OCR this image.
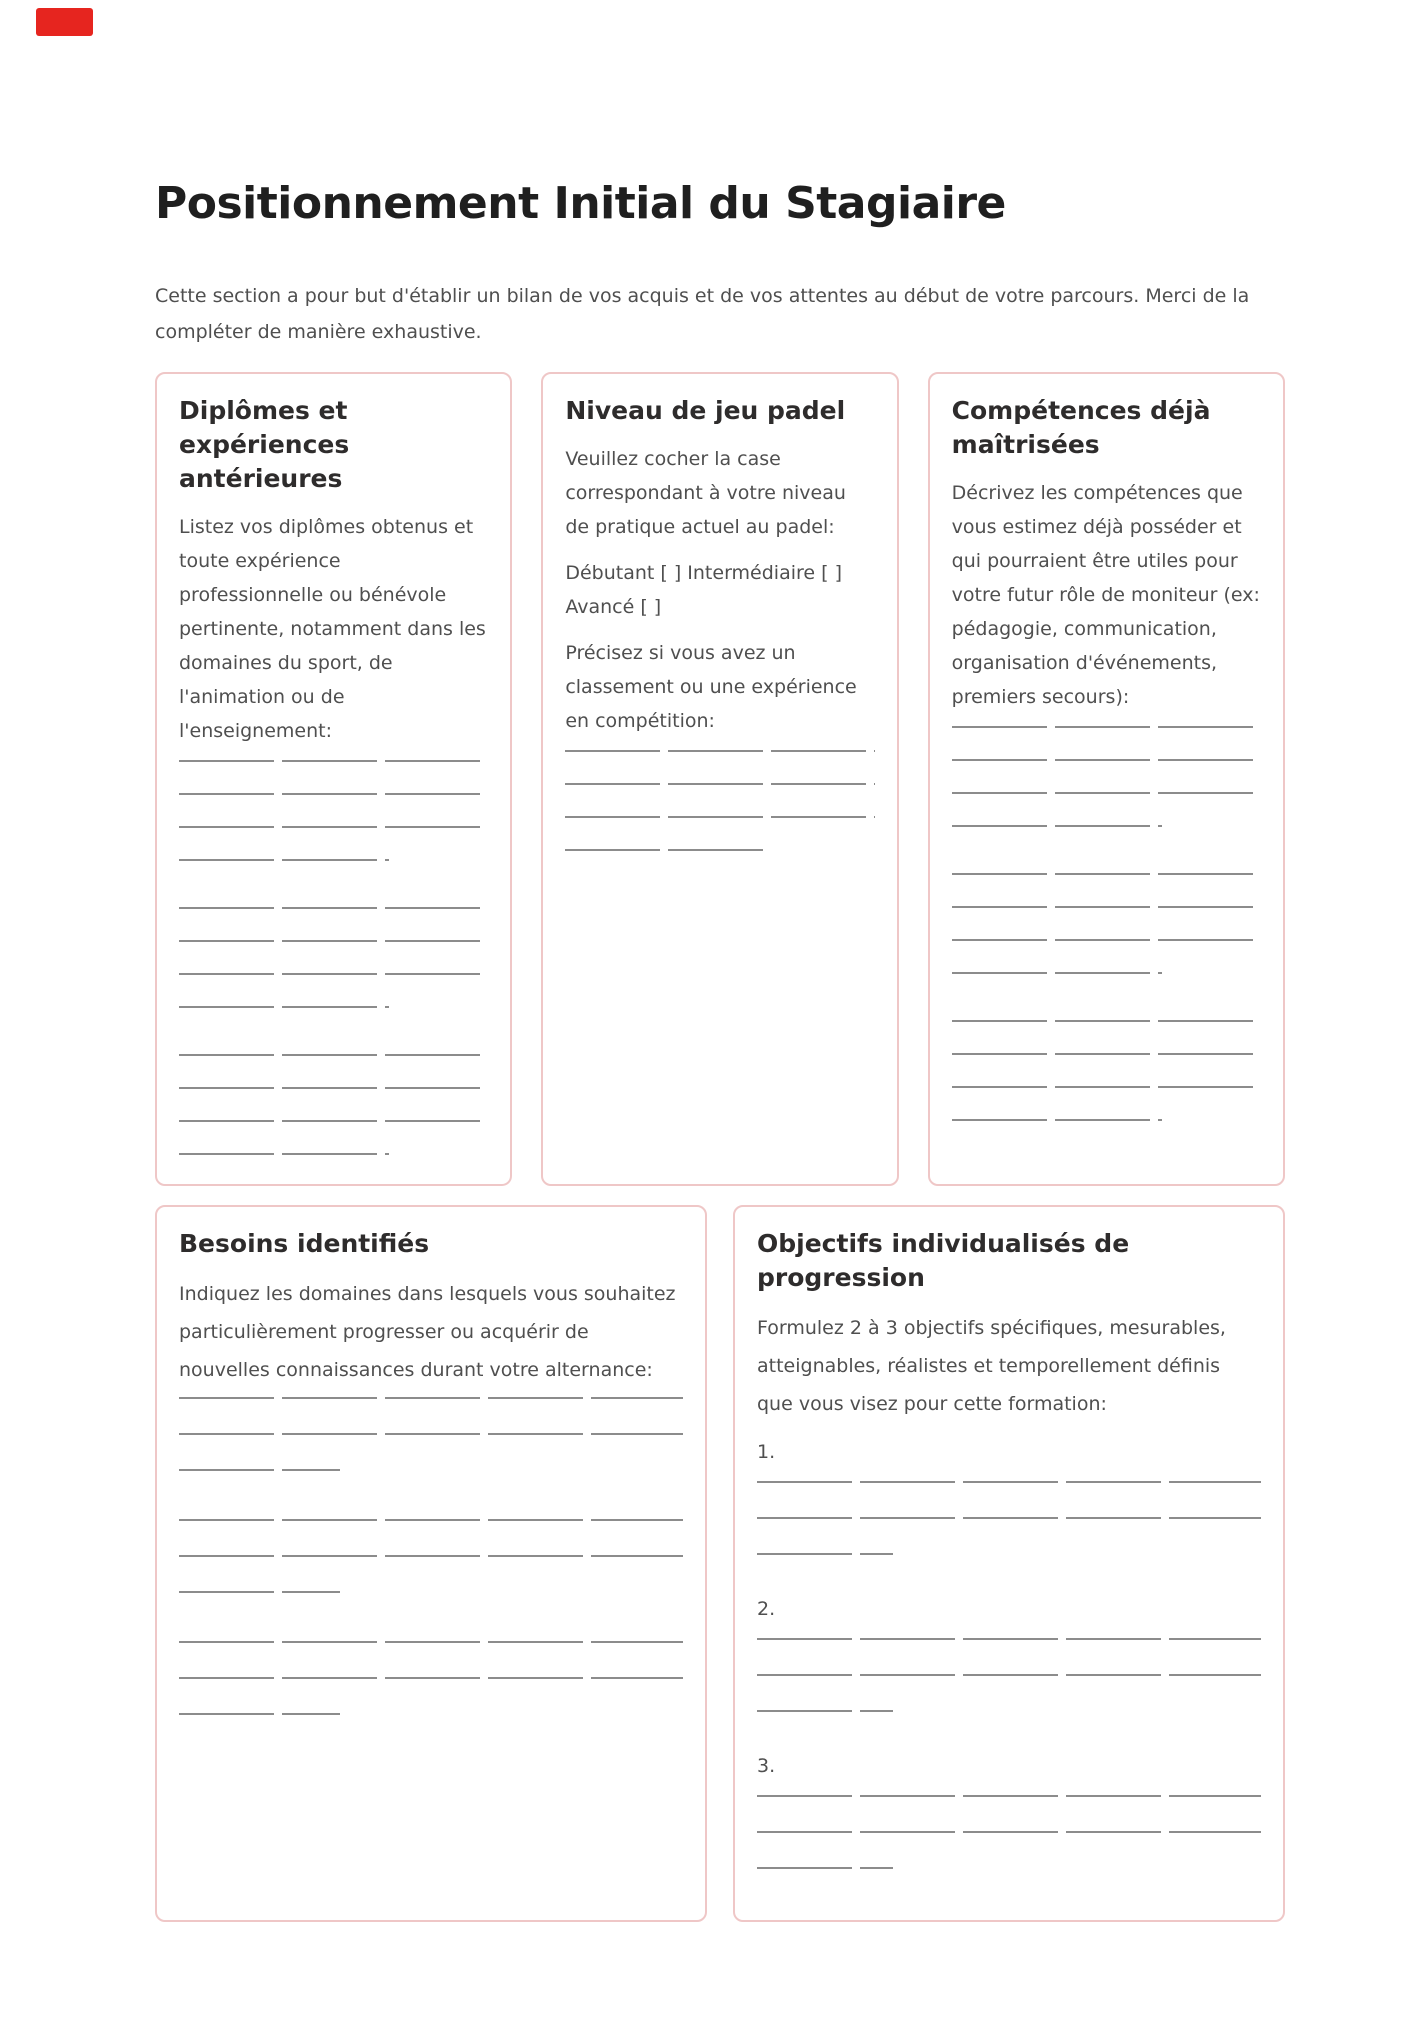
Positionnement Initial du Stagiaire

Cette section a pour but d'établir un bilan de vos acquis et de vos attentes au début de votre parcours. Merci de la compléter de manière exhaustive.

Diplômes et expériences antérieures

Listez vos diplômes obtenus et toute expérience professionnelle ou bénévole pertinente, notamment dans les domaines du sport, de l'animation ou de l'enseignement:

Niveau de jeu padel

Veuillez cocher la case correspondant à votre niveau de pratique actuel au padel:

Débutant [ ] Intermédiaire [ ] Avancé [ ]

Précisez si vous avez un classement ou une expérience en compétition:

Compétences déjà maîtrisées

Décrivez les compétences que vous estimez déjà posséder et qui pourraient être utiles pour votre futur rôle de moniteur (ex: pédagogie, communication, organisation d'événements, premiers secours):

Besoins identifiés

Indiquez les domaines dans lesquels vous souhaitez particulièrement progresser ou acquérir de nouvelles connaissances durant votre alternance:

Objectifs individualisés de progression

Formulez 2 à 3 objectifs spécifiques, mesurables, atteignables, réalistes et temporellement définis que vous visez pour cette formation:

1.
2.
3.
